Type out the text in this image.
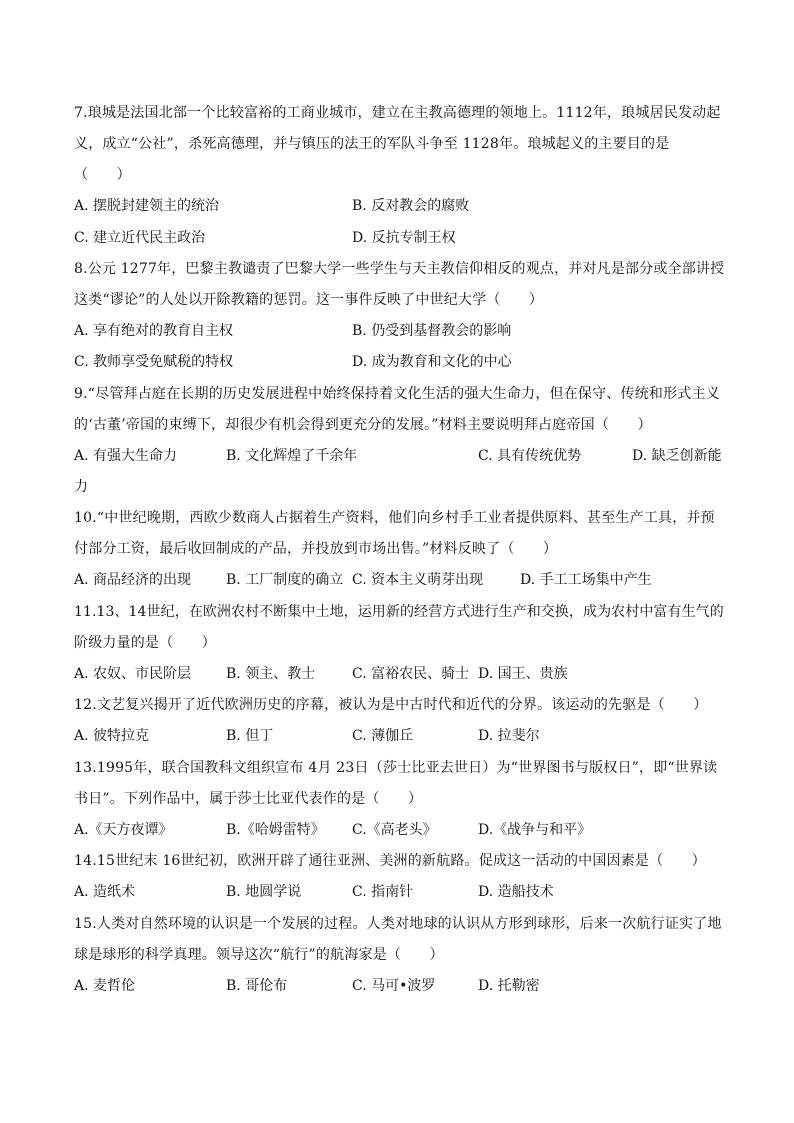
7.琅城是法国北部一个比较富裕的工商业城市，建立在主教高德理的领地上。1112年，琅城居民发动起
义，成立“公社”，杀死高德理，并与镇压的法王的军队斗争至 1128年。琅城起义的主要目的是
（　　）
A. 摆脱封建领主的统治	B. 反对教会的腐败
C. 建立近代民主政治	D. 反抗专制王权
8.公元 1277年，巴黎主教谴责了巴黎大学一些学生与天主教信仰相反的观点，并对凡是部分或全部讲授
这类“谬论”的人处以开除教籍的惩罚。这一事件反映了中世纪大学（　　）
A. 享有绝对的教育自主权	B. 仍受到基督教会的影响
C. 教师享受免赋税的特权	D. 成为教育和文化的中心
9.“尽管拜占庭在长期的历史发展进程中始终保持着文化生活的强大生命力，但在保守、传统和形式主义
的‘古董’帝国的束缚下，却很少有机会得到更充分的发展。”材料主要说明拜占庭帝国（　　）
A. 有强大生命力	B. 文化辉煌了千余年	C. 具有传统优势	D. 缺乏创新能
力
10.“中世纪晚期，西欧少数商人占据着生产资料，他们向乡村手工业者提供原料、甚至生产工具，并预
付部分工资，最后收回制成的产品，并投放到市场出售。”材料反映了（　　）
A. 商品经济的出现 B. 工厂制度的确立 C. 资本主义萌芽出现	D. 手工工场集中产生
11.13、14世纪，在欧洲农村不断集中土地，运用新的经营方式进行生产和交换，成为农村中富有生气的
阶级力量的是（　　）
A. 农奴、市民阶层 B. 领主、教士	C. 富裕农民、骑士 D. 国王、贵族
12.文艺复兴揭开了近代欧洲历史的序幕，被认为是中古时代和近代的分界。该运动的先驱是（　　）
A. 彼特拉克	B. 但丁	C. 薄伽丘	D. 拉斐尔
13.1995年，联合国教科文组织宣布 4月 23日（莎士比亚去世日）为“世界图书与版权日”，即“世界读
书日”。下列作品中，属于莎士比亚代表作的是（　　）
A.《天方夜谭》	B.《哈姆雷特》 C.《高老头》	D.《战争与和平》
14.15世纪末 16世纪初，欧洲开辟了通往亚洲、美洲的新航路。促成这一活动的中国因素是（　　）
A. 造纸术	B. 地圆学说	C. 指南针	D. 造船技术
15.人类对自然环境的认识是一个发展的过程。人类对地球的认识从方形到球形，后来一次航行证实了地
球是球形的科学真理。领导这次“航行”的航海家是（　　）
A. 麦哲伦	B. 哥伦布	C. 马可•波罗	D. 托勒密
